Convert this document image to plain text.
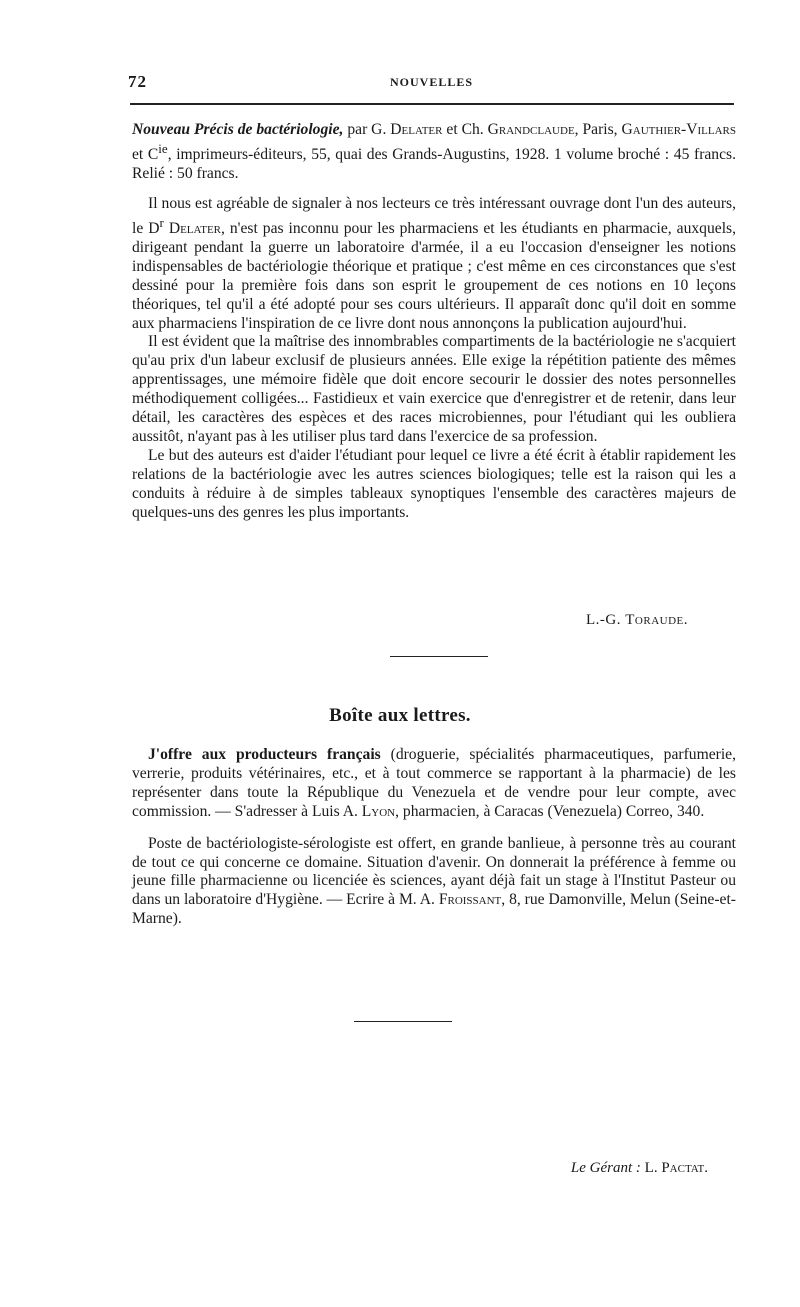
72	NOUVELLES

Nouveau Précis de bactériologie, par G. Delater et Ch. Grandclaude, Paris, Gauthier-Villars et $C^{ie}$, imprimeurs-éditeurs, 55, quai des Grands-Augustins, 1928. 1 volume broché : 45 francs. Relié : 50 francs.

Il nous est agréable de signaler à nos lecteurs ce très intéressant ouvrage dont l'un des auteurs, le $D^r$ Delater, n'est pas inconnu pour les pharmaciens et les étudiants en pharmacie, auxquels, dirigeant pendant la guerre un laboratoire d'armée, il a eu l'occasion d'enseigner les notions indispensables de bactériologie théorique et pratique ; c'est même en ces circonstances que s'est dessiné pour la première fois dans son esprit le groupement de ces notions en 10 leçons théoriques, tel qu'il a été adopté pour ses cours ultérieurs. Il apparaît donc qu'il doit en somme aux pharmaciens l'inspiration de ce livre dont nous annonçons la publication aujourd'hui.

Il est évident que la maîtrise des innombrables compartiments de la bactériologie ne s'acquiert qu'au prix d'un labeur exclusif de plusieurs années. Elle exige la répétition patiente des mêmes apprentissages, une mémoire fidèle que doit encore secourir le dossier des notes personnelles méthodiquement colligées... Fastidieux et vain exercice que d'enregistrer et de retenir, dans leur détail, les caractères des espèces et des races microbiennes, pour l'étudiant qui les oubliera aussitôt, n'ayant pas à les utiliser plus tard dans l'exercice de sa profession.

Le but des auteurs est d'aider l'étudiant pour lequel ce livre a été écrit à établir rapidement les relations de la bactériologie avec les autres sciences biologiques; telle est la raison qui les a conduits à réduire à de simples tableaux synoptiques l'ensemble des caractères majeurs de quelques-uns des genres les plus importants.

L.-G. Toraude.
Boîte aux lettres.

J'offre aux producteurs français (droguerie, spécialités pharmaceutiques, parfumerie, verrerie, produits vétérinaires, etc., et à tout commerce se rapportant à la pharmacie) de les représenter dans toute la République du Venezuela et de vendre pour leur compte, avec commission. — S'adresser à Luis A. Lyon, pharmacien, à Caracas (Venezuela) Correo, 340.

Poste de bactériologiste-sérologiste est offert, en grande banlieue, à personne très au courant de tout ce qui concerne ce domaine. Situation d'avenir. On donnerait la préférence à femme ou jeune fille pharmacienne ou licenciée ès sciences, ayant déjà fait un stage à l'Institut Pasteur ou dans un laboratoire d'Hygiène. — Ecrire à M. A. Froissant, 8, rue Damonville, Melun (Seine-et-Marne).

Le Gérant : L. Pactat.
